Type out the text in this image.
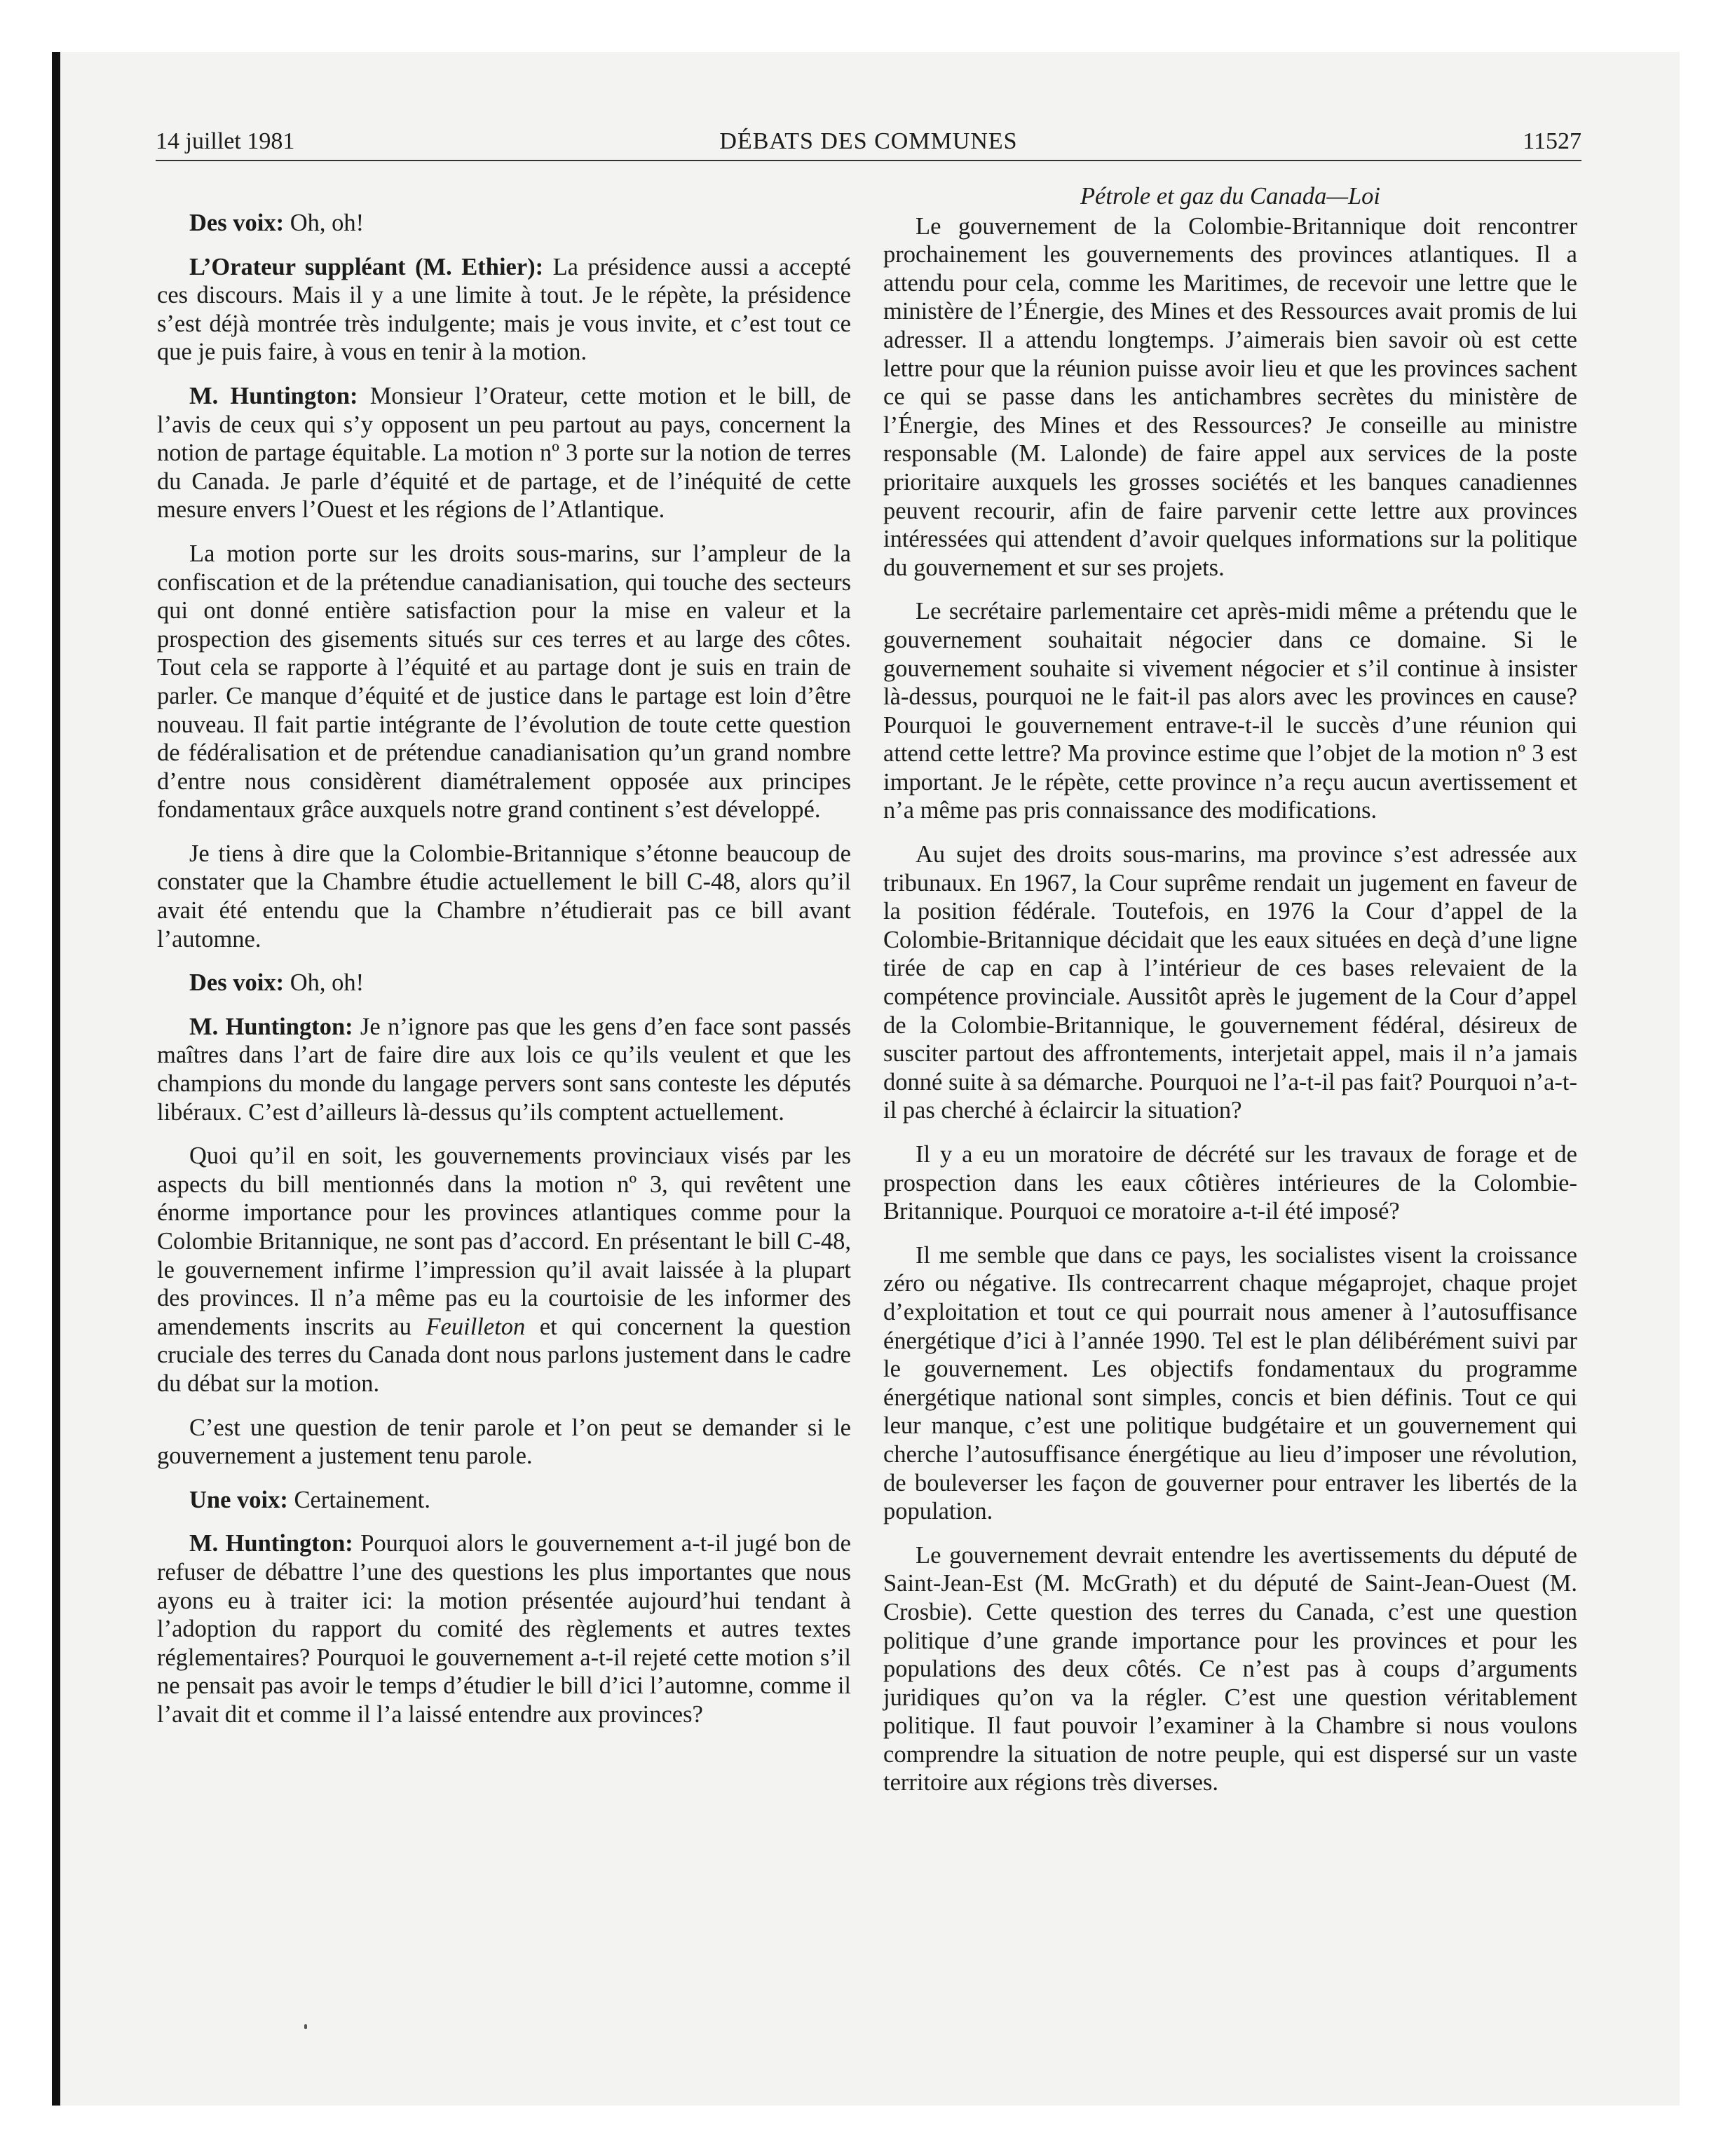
14 juillet 1981	DÉBATS DES COMMUNES	11527

Des voix: Oh, oh!

L’Orateur suppléant (M. Ethier): La présidence aussi a accepté ces discours. Mais il y a une limite à tout. Je le répète, la présidence s’est déjà montrée très indulgente; mais je vous invite, et c’est tout ce que je puis faire, à vous en tenir à la motion.

M. Huntington: Monsieur l’Orateur, cette motion et le bill, de l’avis de ceux qui s’y opposent un peu partout au pays, concernent la notion de partage équitable. La motion nº 3 porte sur la notion de terres du Canada. Je parle d’équité et de partage, et de l’inéquité de cette mesure envers l’Ouest et les régions de l’Atlantique.

La motion porte sur les droits sous-marins, sur l’ampleur de la confiscation et de la prétendue canadianisation, qui touche des secteurs qui ont donné entière satisfaction pour la mise en valeur et la prospection des gisements situés sur ces terres et au large des côtes. Tout cela se rapporte à l’équité et au partage dont je suis en train de parler. Ce manque d’équité et de justice dans le partage est loin d’être nouveau. Il fait partie intégrante de l’évolution de toute cette question de fédéralisation et de prétendue canadianisation qu’un grand nombre d’entre nous considèrent diamétralement opposée aux principes fondamentaux grâce auxquels notre grand continent s’est développé.

Je tiens à dire que la Colombie-Britannique s’étonne beaucoup de constater que la Chambre étudie actuellement le bill C-48, alors qu’il avait été entendu que la Chambre n’étudierait pas ce bill avant l’automne.

Des voix: Oh, oh!

M. Huntington: Je n’ignore pas que les gens d’en face sont passés maîtres dans l’art de faire dire aux lois ce qu’ils veulent et que les champions du monde du langage pervers sont sans conteste les députés libéraux. C’est d’ailleurs là-dessus qu’ils comptent actuellement.

Quoi qu’il en soit, les gouvernements provinciaux visés par les aspects du bill mentionnés dans la motion nº 3, qui revêtent une énorme importance pour les provinces atlantiques comme pour la Colombie Britannique, ne sont pas d’accord. En présentant le bill C-48, le gouvernement infirme l’impression qu’il avait laissée à la plupart des provinces. Il n’a même pas eu la courtoisie de les informer des amendements inscrits au Feuilleton et qui concernent la question cruciale des terres du Canada dont nous parlons justement dans le cadre du débat sur la motion.

C’est une question de tenir parole et l’on peut se demander si le gouvernement a justement tenu parole.

Une voix: Certainement.

M. Huntington: Pourquoi alors le gouvernement a-t-il jugé bon de refuser de débattre l’une des questions les plus importantes que nous ayons eu à traiter ici: la motion présentée aujourd’hui tendant à l’adoption du rapport du comité des règlements et autres textes réglementaires? Pourquoi le gouvernement a-t-il rejeté cette motion s’il ne pensait pas avoir le temps d’étudier le bill d’ici l’automne, comme il l’avait dit et comme il l’a laissé entendre aux provinces?

Pétrole et gaz du Canada—Loi

Le gouvernement de la Colombie-Britannique doit rencontrer prochainement les gouvernements des provinces atlantiques. Il a attendu pour cela, comme les Maritimes, de recevoir une lettre que le ministère de l’Énergie, des Mines et des Ressources avait promis de lui adresser. Il a attendu longtemps. J’aimerais bien savoir où est cette lettre pour que la réunion puisse avoir lieu et que les provinces sachent ce qui se passe dans les antichambres secrètes du ministère de l’Énergie, des Mines et des Ressources? Je conseille au ministre responsable (M. Lalonde) de faire appel aux services de la poste prioritaire auxquels les grosses sociétés et les banques canadiennes peuvent recourir, afin de faire parvenir cette lettre aux provinces intéressées qui attendent d’avoir quelques informations sur la politique du gouvernement et sur ses projets.

Le secrétaire parlementaire cet après-midi même a prétendu que le gouvernement souhaitait négocier dans ce domaine. Si le gouvernement souhaite si vivement négocier et s’il continue à insister là-dessus, pourquoi ne le fait-il pas alors avec les provinces en cause? Pourquoi le gouvernement entrave-t-il le succès d’une réunion qui attend cette lettre? Ma province estime que l’objet de la motion nº 3 est important. Je le répète, cette province n’a reçu aucun avertissement et n’a même pas pris connaissance des modifications.

Au sujet des droits sous-marins, ma province s’est adressée aux tribunaux. En 1967, la Cour suprême rendait un jugement en faveur de la position fédérale. Toutefois, en 1976 la Cour d’appel de la Colombie-Britannique décidait que les eaux situées en deçà d’une ligne tirée de cap en cap à l’intérieur de ces bases relevaient de la compétence provinciale. Aussitôt après le jugement de la Cour d’appel de la Colombie-Britannique, le gouvernement fédéral, désireux de susciter partout des affrontements, interjetait appel, mais il n’a jamais donné suite à sa démarche. Pourquoi ne l’a-t-il pas fait? Pourquoi n’a-t-il pas cherché à éclaircir la situation?

Il y a eu un moratoire de décrété sur les travaux de forage et de prospection dans les eaux côtières intérieures de la Colombie-Britannique. Pourquoi ce moratoire a-t-il été imposé?

Il me semble que dans ce pays, les socialistes visent la croissance zéro ou négative. Ils contrecarrent chaque mégaprojet, chaque projet d’exploitation et tout ce qui pourrait nous amener à l’autosuffisance énergétique d’ici à l’année 1990. Tel est le plan délibérément suivi par le gouvernement. Les objectifs fondamentaux du programme énergétique national sont simples, concis et bien définis. Tout ce qui leur manque, c’est une politique budgétaire et un gouvernement qui cherche l’autosuffisance énergétique au lieu d’imposer une révolution, de bouleverser les façon de gouverner pour entraver les libertés de la population.

Le gouvernement devrait entendre les avertissements du député de Saint-Jean-Est (M. McGrath) et du député de Saint-Jean-Ouest (M. Crosbie). Cette question des terres du Canada, c’est une question politique d’une grande importance pour les provinces et pour les populations des deux côtés. Ce n’est pas à coups d’arguments juridiques qu’on va la régler. C’est une question véritablement politique. Il faut pouvoir l’examiner à la Chambre si nous voulons comprendre la situation de notre peuple, qui est dispersé sur un vaste territoire aux régions très diverses.
